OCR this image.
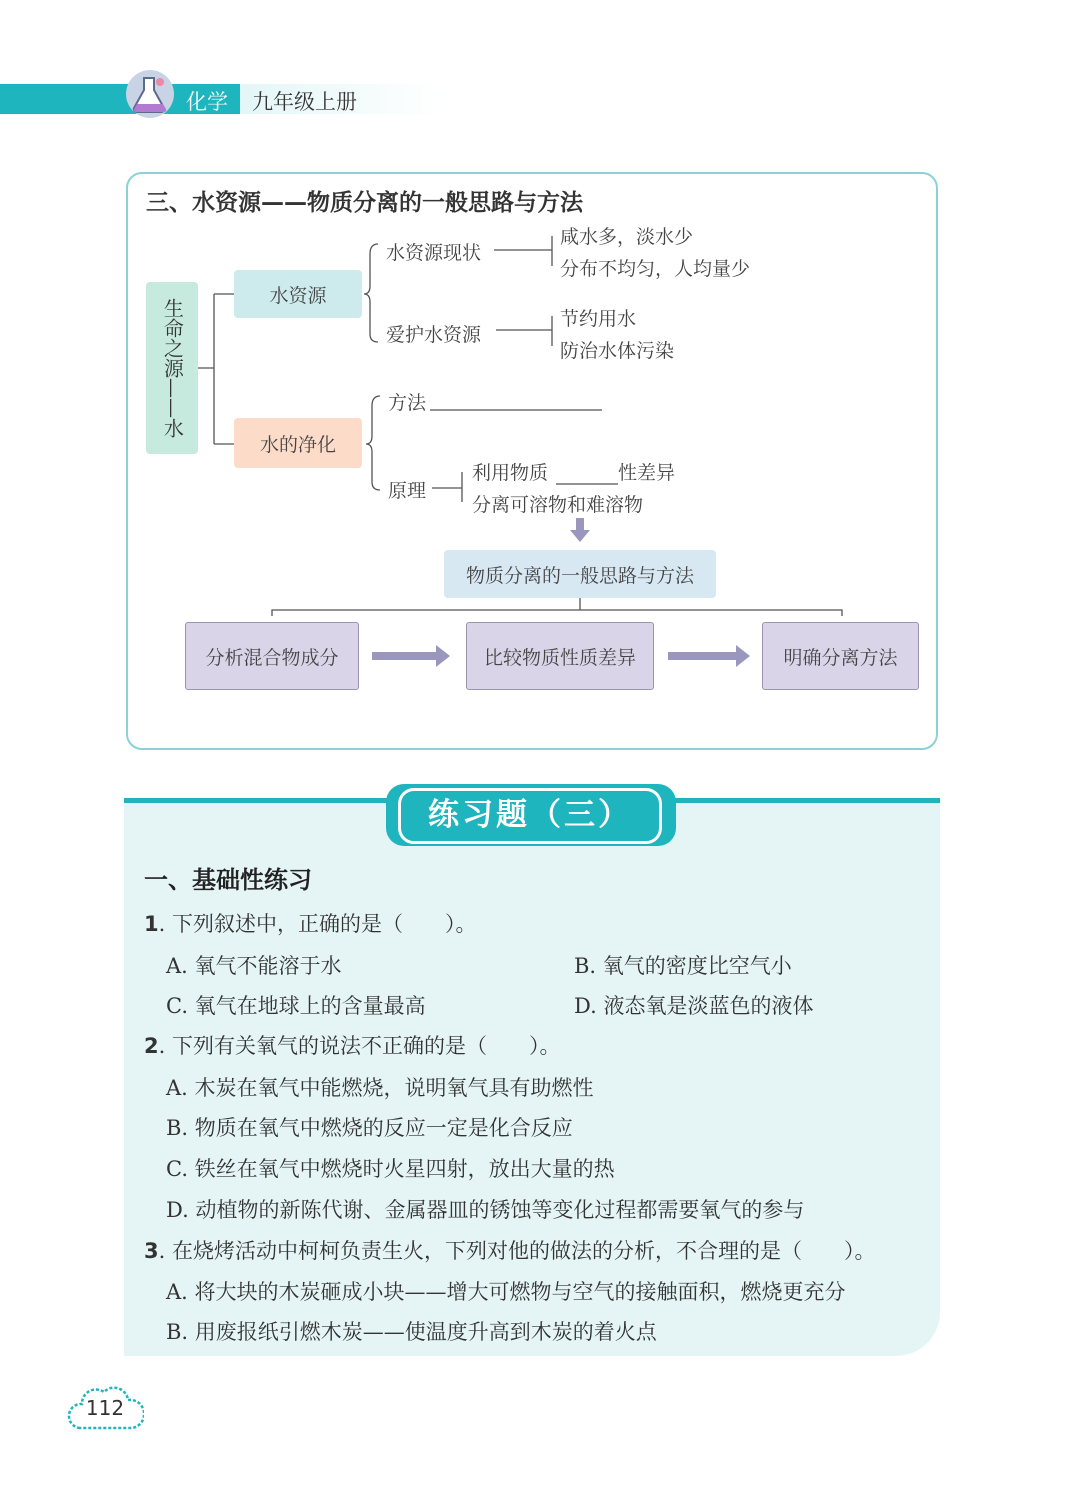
化学 九年级上册
三、水资源——物质分离的一般思路与方法
生命之源——水
水资源
水的净化
水资源现状
咸水多，淡水少
分布不均匀，人均量少
爱护水资源
节约用水
防治水体污染
方法
原理
利用物质	性差异
分离可溶物和难溶物
物质分离的一般思路与方法
分析混合物成分	比较物质性质差异	明确分离方法
练习题（三）
一、基础性练习
1. 下列叙述中，正确的是（　　）。
A. 氧气不能溶于水	B. 氧气的密度比空气小
C. 氧气在地球上的含量最高	D. 液态氧是淡蓝色的液体
2. 下列有关氧气的说法不正确的是（　　）。
A. 木炭在氧气中能燃烧，说明氧气具有助燃性
B. 物质在氧气中燃烧的反应一定是化合反应
C. 铁丝在氧气中燃烧时火星四射，放出大量的热
D. 动植物的新陈代谢、金属器皿的锈蚀等变化过程都需要氧气的参与
3. 在烧烤活动中柯柯负责生火，下列对他的做法的分析，不合理的是（　　）。
A. 将大块的木炭砸成小块——增大可燃物与空气的接触面积，燃烧更充分
B. 用废报纸引燃木炭——使温度升高到木炭的着火点
112
